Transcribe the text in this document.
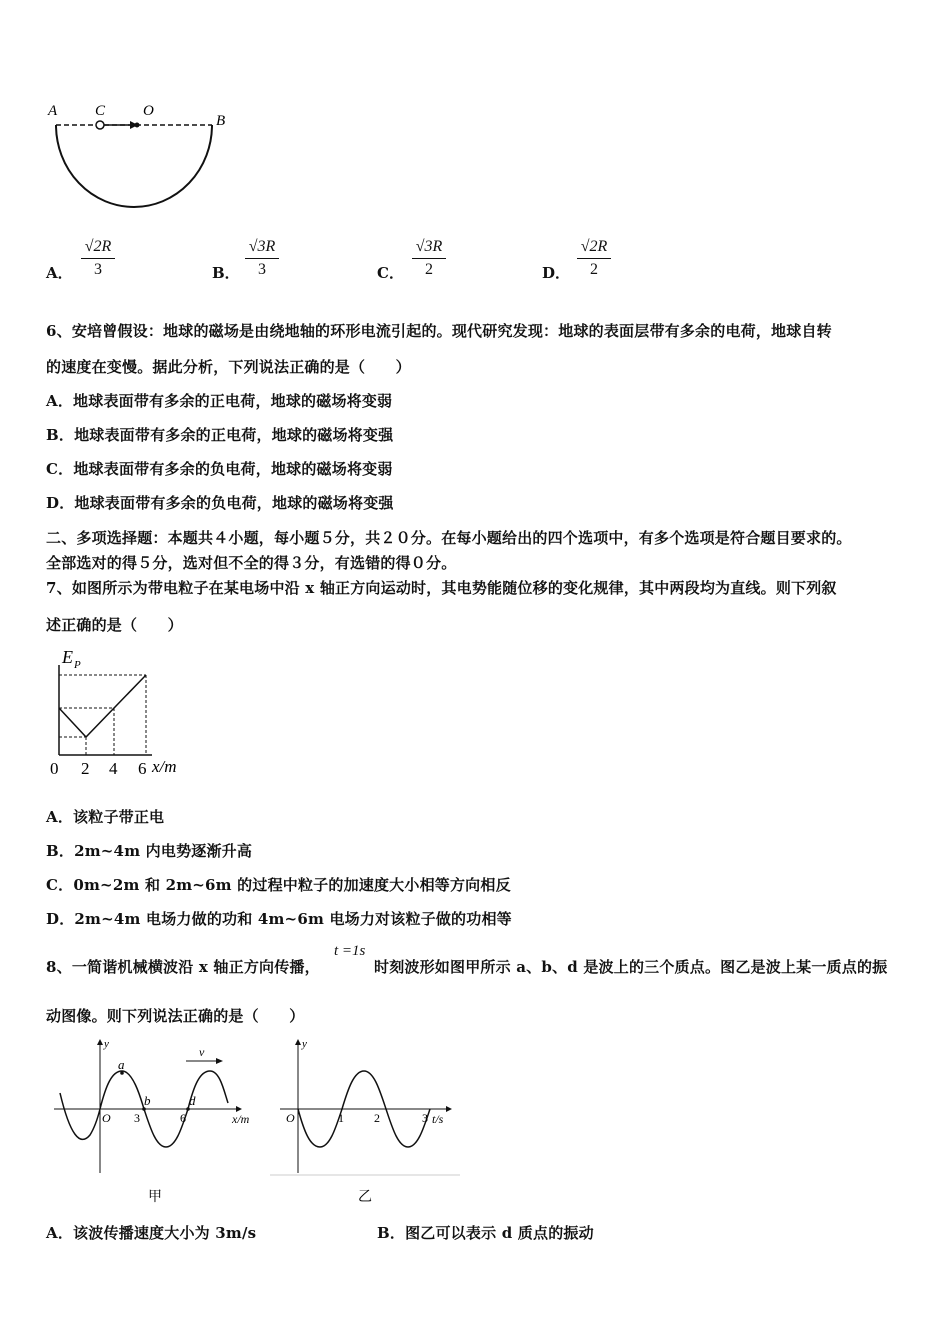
A	C	O
B
A． $\frac{√2R}{3}$	B． $\frac{√3R}{3}$	C． $\frac{√3R}{2}$	D． $\frac{√2R}{2}$
6、安培曾假设：地球的磁场是由绕地轴的环形电流引起的。现代研究发现：地球的表面层带有多余的电荷，地球自转
的速度在变慢。据此分析，下列说法正确的是（　　）
A．地球表面带有多余的正电荷，地球的磁场将变弱
B．地球表面带有多余的正电荷，地球的磁场将变强
C．地球表面带有多余的负电荷，地球的磁场将变弱
D．地球表面带有多余的负电荷，地球的磁场将变强
二、多项选择题：本题共４小题，每小题５分，共２０分。在每小题给出的四个选项中，有多个选项是符合题目要求的。
全部选对的得５分，选对但不全的得３分，有选错的得０分。
7、如图所示为带电粒子在某电场中沿 x 轴正方向运动时，其电势能随位移的变化规律，其中两段均为直线。则下列叙
述正确的是（　　）
E P
0 2 4 6 x/m
A．该粒子带正电
B．2m~4m 内电势逐渐升高
C．0m~2m 和 2m~6m 的过程中粒子的加速度大小相等方向相反
D．2m~4m 电场力做的功和 4m~6m 电场力对该粒子做的功相等
8、一简谐机械横波沿 x 轴正方向传播，
t =1s
时刻波形如图甲所示 a、b、d 是波上的三个质点。图乙是波上某一质点的振
动图像。则下列说法正确的是（　　）
y
v
a
b	d
O 3	6	x/m
甲
y
O	1	2	3 t/s
乙
A．该波传播速度大小为 3m/s	B．图乙可以表示 d 质点的振动
